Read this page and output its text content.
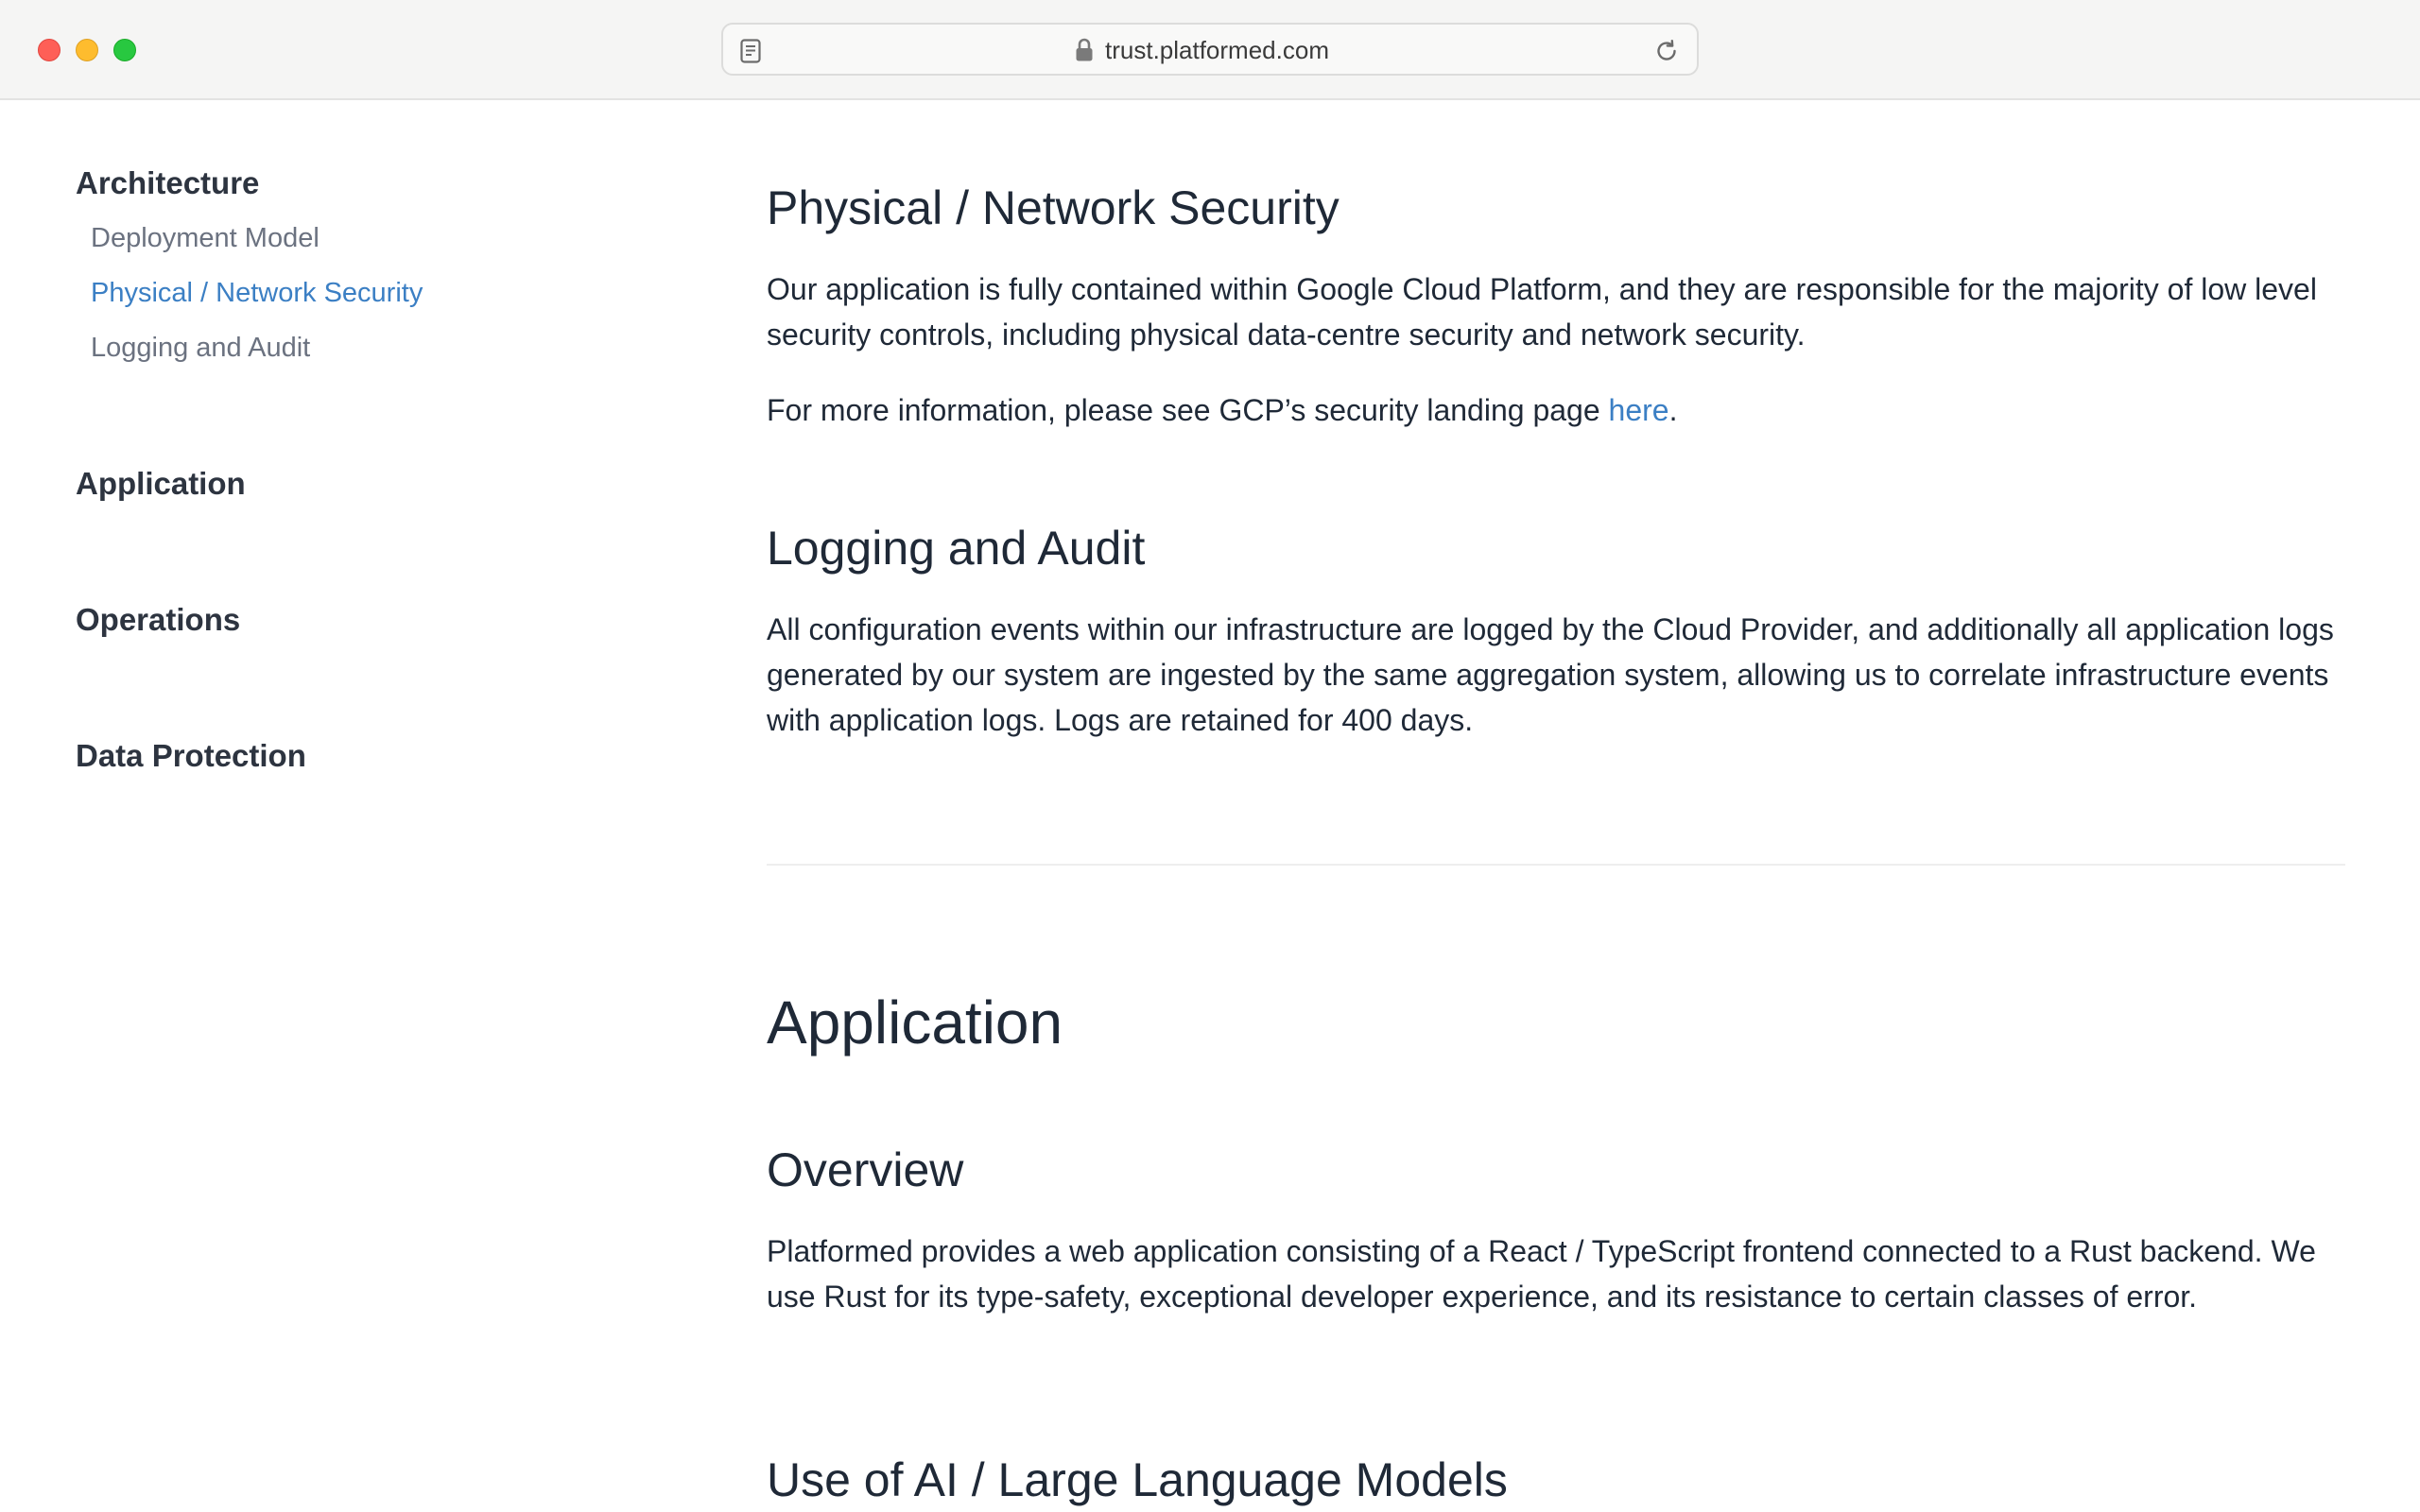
trust.platformed.com
Architecture
Deployment Model
Physical / Network Security
Logging and Audit
Application
Operations
Data Protection
Physical / Network Security

Our application is fully contained within Google Cloud Platform, and they are responsible for the majority of low level security controls, including physical data-centre security and network security.

For more information, please see GCP’s security landing page here.

Logging and Audit

All configuration events within our infrastructure are logged by the Cloud Provider, and additionally all application logs generated by our system are ingested by the same aggregation system, allowing us to correlate infrastructure events with application logs. Logs are retained for 400 days.

Application
Overview

Platformed provides a web application consisting of a React / TypeScript frontend connected to a Rust backend. We use Rust for its type-safety, exceptional developer experience, and its resistance to certain classes of error.

Use of AI / Large Language Models
